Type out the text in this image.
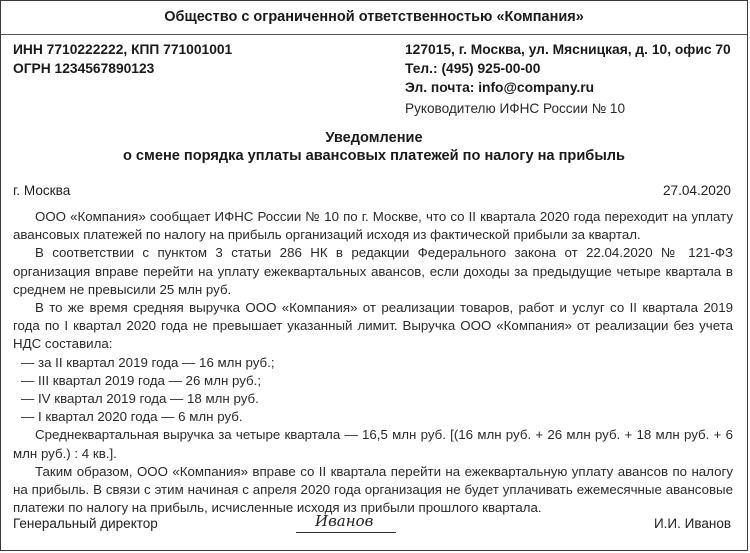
Общество с ограниченной ответственностью «Компания»
ИНН 7710222222, КПП 771001001
ОГРН 1234567890123
127015, г. Москва, ул. Мясницкая, д. 10, офис 70
Тел.: (495) 925-00-00
Эл. почта: info@company.ru
Руководителю ИФНС России № 10
Уведомление
о смене порядка уплаты авансовых платежей по налогу на прибыль
г. Москва	27.04.2020

ООО «Компания» сообщает ИФНС России № 10 по г. Москве, что со II квартала 2020 года переходит на уплату авансовых платежей по налогу на прибыль организаций исходя из фактической прибыли за квартал.

В соответствии с пунктом 3 статьи 286 НК в редакции Федерального закона от 22.04.2020 № 121-ФЗ организация вправе перейти на уплату ежеквартальных авансов, если доходы за предыдущие четыре квартала в среднем не превысили 25 млн руб.

В то же время средняя выручка ООО «Компания» от реализации товаров, работ и услуг со II квартала 2019 года по I квартал 2020 года не превышает указанный лимит. Выручка ООО «Компания» от реализации без учета НДС составила:

— за II квартал 2019 года — 16 млн руб.;

— III квартал 2019 года — 26 млн руб.;

— IV квартал 2019 года — 18 млн руб.

— I квартал 2020 года — 6 млн руб.

Среднеквартальная выручка за четыре квартала — 16,5 млн руб. [(16 млн руб. + 26 млн руб. + 18 млн руб. + 6 млн руб.) : 4 кв.].

Таким образом, ООО «Компания» вправе со II квартала перейти на ежеквартальную уплату авансов по налогу на прибыль. В связи с этим начиная с апреля 2020 года организация не будет уплачивать ежемесячные авансовые платежи по налогу на прибыль, исчисленные исходя из прибыли прошлого квартала.

Генеральный директор	Иванов	И.И. Иванов
